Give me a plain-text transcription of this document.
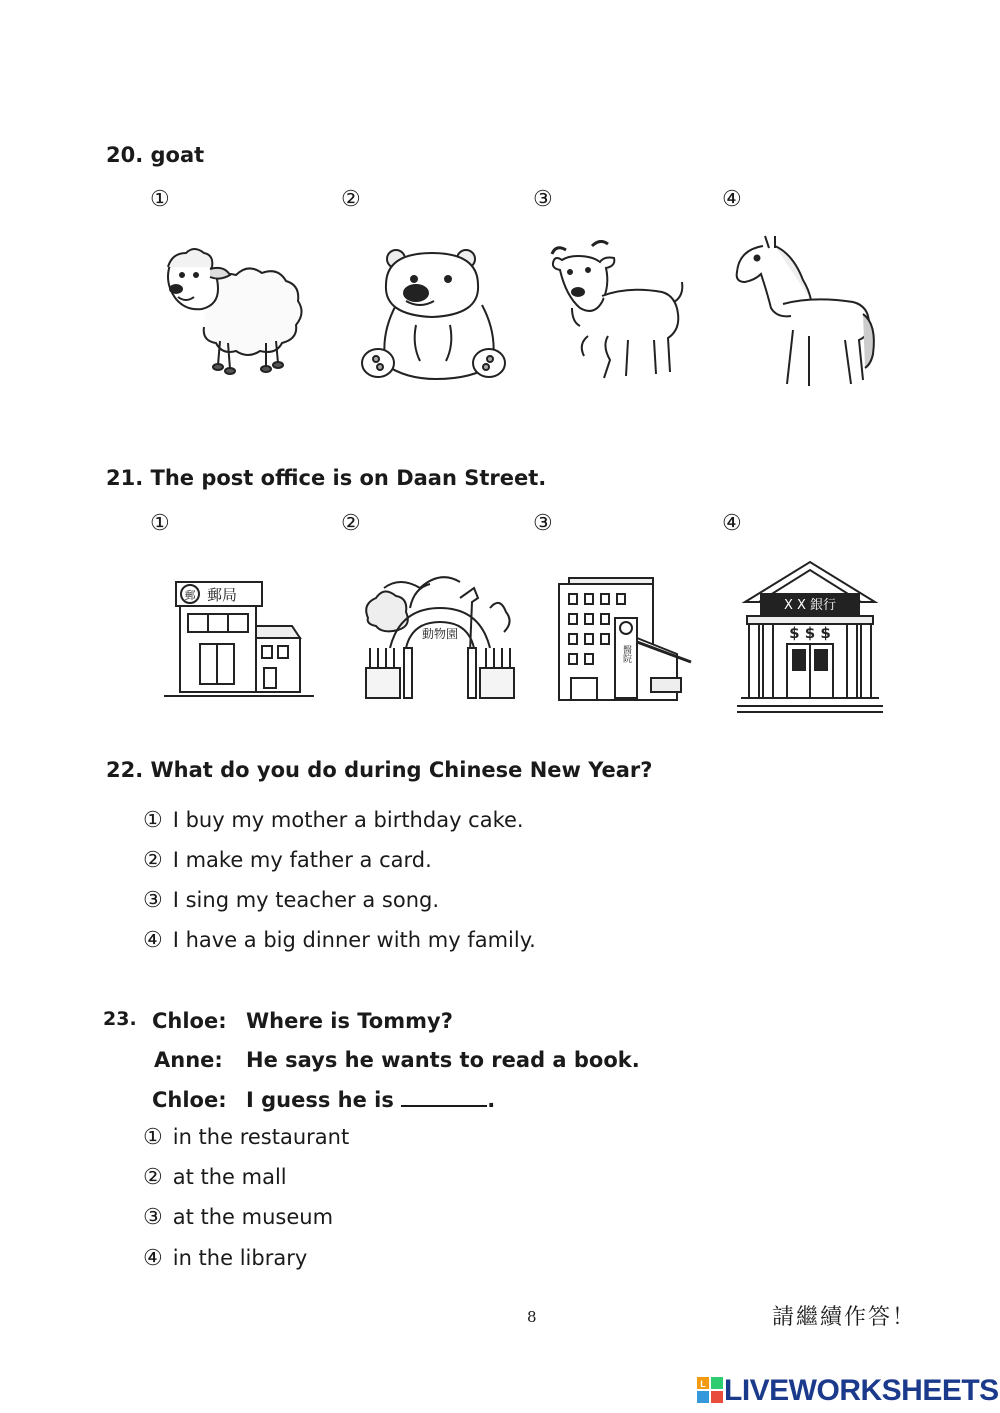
20. goat
①	②	③	④
21. The post office is on Daan Street.
①	②	③	④
郵 郵局
動物園
醫院
X X 銀行
$ $ $
22. What do you do during Chinese New Year?
① I buy my mother a birthday cake.
② I make my father a card.
③ I sing my teacher a song.
④ I have a big dinner with my family.
23. Chloe: Where is Tommy?
Anne: He says he wants to read a book.
Chloe: I guess he is	.
① in the restaurant
② at the mall
③ at the museum
④ in the library
8	請繼續作答！
L LIVEWORKSHEETS
